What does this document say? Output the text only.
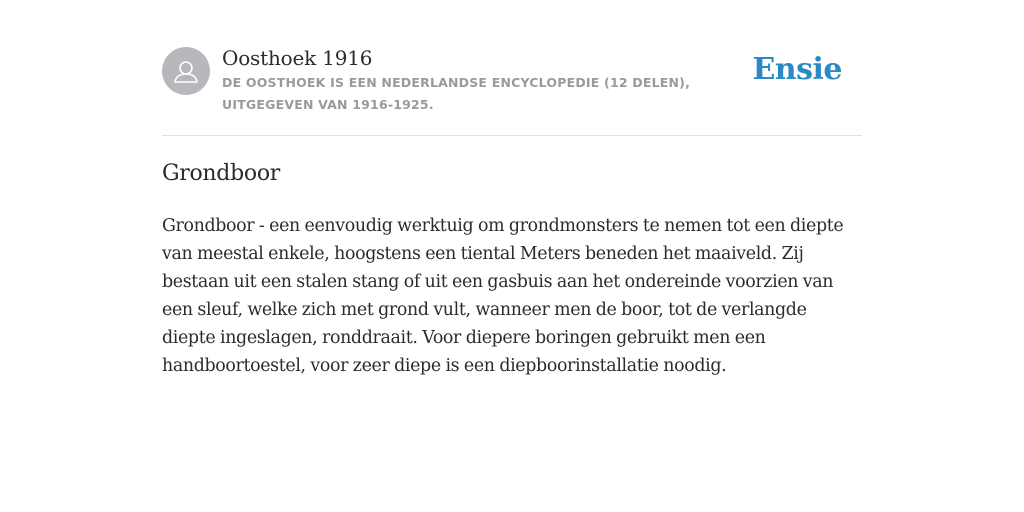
Oosthoek 1916
DE OOSTHOEK IS EEN NEDERLANDSE ENCYCLOPEDIE (12 DELEN), UITGEGEVEN VAN 1916-1925.
Ensie
Grondboor

Grondboor - een eenvoudig werktuig om grondmonsters te nemen tot een diepte van meestal enkele, hoogstens een tiental Meters beneden het maaiveld. Zij bestaan uit een stalen stang of uit een gasbuis aan het ondereinde voorzien van een sleuf, welke zich met grond vult, wanneer men de boor, tot de verlangde diepte ingeslagen, ronddraait. Voor diepere boringen gebruikt men een handboortoestel, voor zeer diepe is een diepboorinstallatie noodig.
